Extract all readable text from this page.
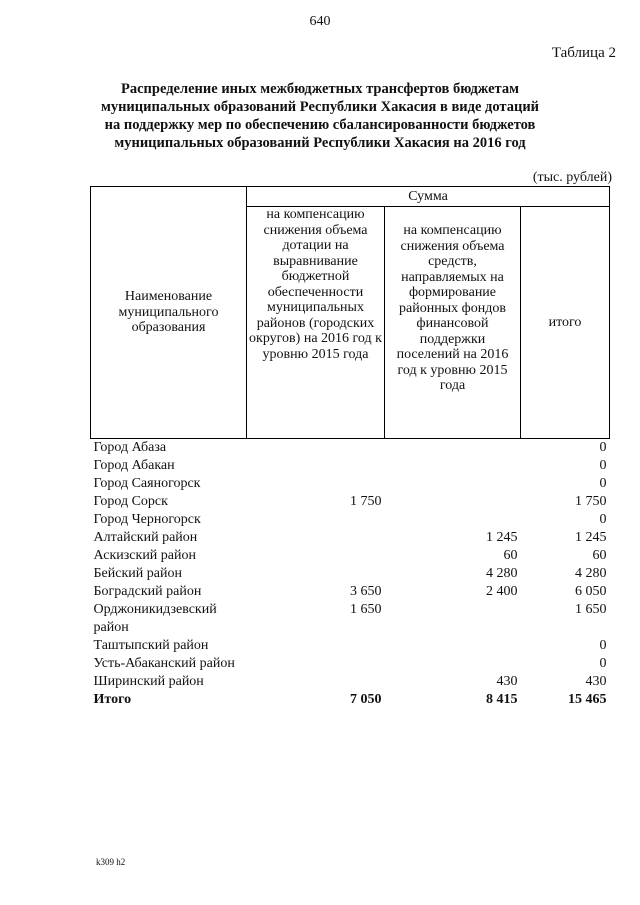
640
Таблица 2
Распределение иных межбюджетных трансфертов бюджетам
муниципальных образований Республики Хакасия в виде дотаций
на поддержку мер по обеспечению сбалансированности бюджетов
муниципальных образований Республики Хакасия на 2016 год
(тыс. рублей)
Наименование муниципального образования	Сумма		
	на компенсацию снижения объема дотации на выравнивание бюджетной обеспеченности муниципальных районов (городских округов) на 2016 год к уровню 2015 года	на компенсацию снижения объема средств, направляемых на формирование районных фондов финансовой поддержки поселений на 2016 год к уровню 2015 года	итого
Город Абаза			0
Город Абакан			0
Город Саяногорск			0
Город Сорск	1 750		1 750
Город Черногорск			0
Алтайский район		1 245	1 245
Аскизский район		60	60
Бейский район		4 280	4 280
Боградский район	3 650	2 400	6 050
Орджоникидзевский район	1 650		1 650
Таштыпский район			0
Усть-Абаканский район			0
Ширинский район		430	430
Итого	7 050	8 415	15 465
k309 h2
